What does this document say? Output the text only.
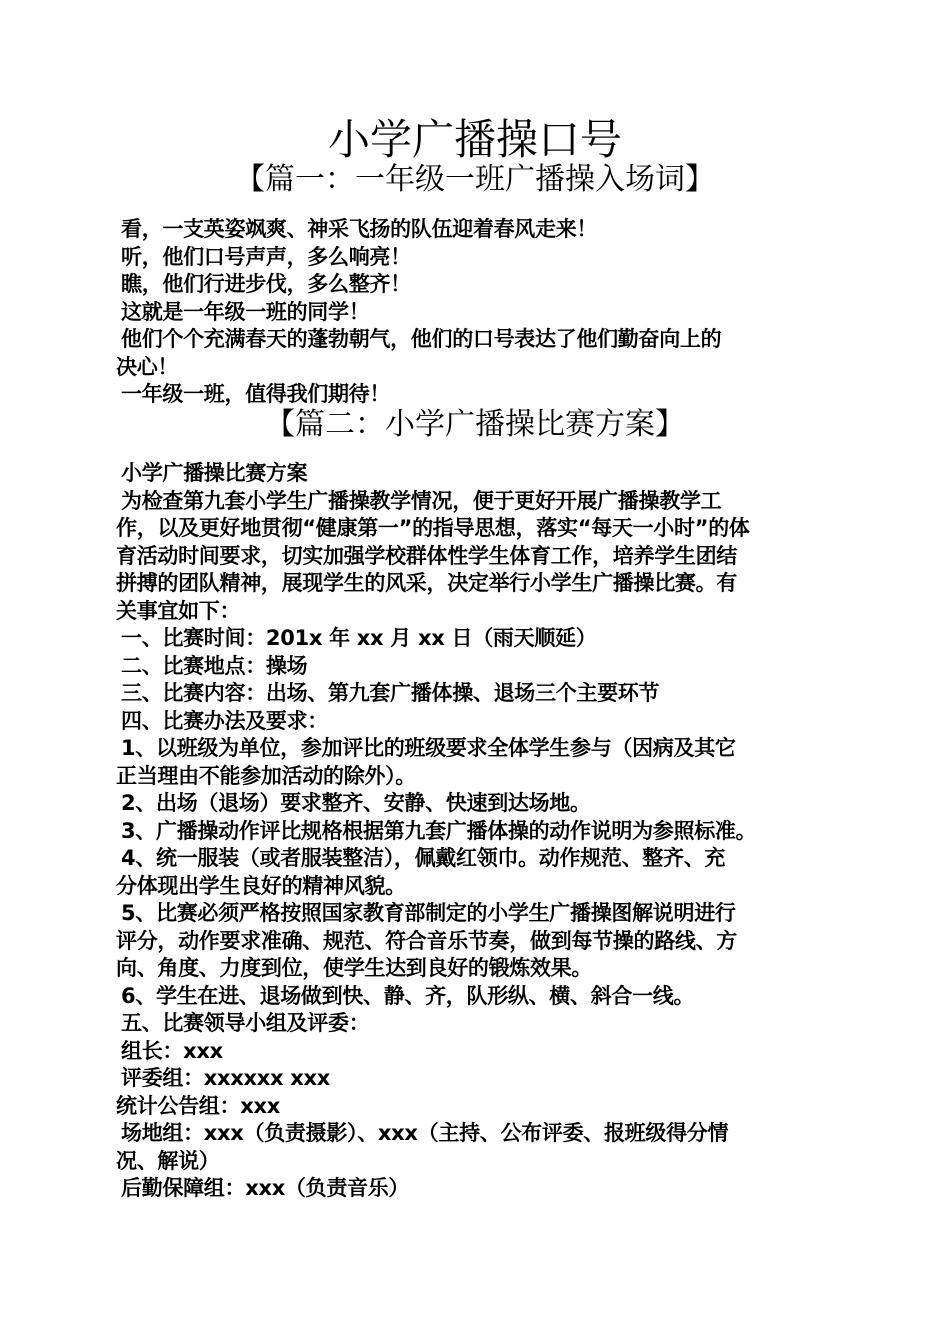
小学广播操口号
【篇一：一年级一班广播操入场词】
看，一支英姿飒爽、神采飞扬的队伍迎着春风走来！
听，他们口号声声，多么响亮！
瞧，他们行进步伐，多么整齐！
这就是一年级一班的同学！
他们个个充满春天的蓬勃朝气，他们的口号表达了他们勤奋向上的
决心！
一年级一班，值得我们期待！
【篇二：小学广播操比赛方案】
小学广播操比赛方案
为检查第九套小学生广播操教学情况，便于更好开展广播操教学工
作，以及更好地贯彻“健康第一”的指导思想，落实“每天一小时”的体
育活动时间要求，切实加强学校群体性学生体育工作，培养学生团结
拼搏的团队精神，展现学生的风采，决定举行小学生广播操比赛。有
关事宜如下：
一、比赛时间：201x 年 xx 月 xx 日（雨天顺延）
二、比赛地点：操场
三、比赛内容：出场、第九套广播体操、退场三个主要环节
四、比赛办法及要求：
1、以班级为单位，参加评比的班级要求全体学生参与（因病及其它
正当理由不能参加活动的除外）。
2、出场（退场）要求整齐、安静、快速到达场地。
3、广播操动作评比规格根据第九套广播体操的动作说明为参照标准。
4、统一服装（或者服装整洁），佩戴红领巾。动作规范、整齐、充
分体现出学生良好的精神风貌。
5、比赛必须严格按照国家教育部制定的小学生广播操图解说明进行
评分，动作要求准确、规范、符合音乐节奏，做到每节操的路线、方
向、角度、力度到位，使学生达到良好的锻炼效果。
6、学生在进、退场做到快、静、齐，队形纵、横、斜合一线。
五、比赛领导小组及评委：
组长：xxx
评委组：xxxxxx xxx
统计公告组：xxx
场地组：xxx（负责摄影）、xxx（主持、公布评委、报班级得分情
况、解说）
后勤保障组：xxx（负责音乐）
